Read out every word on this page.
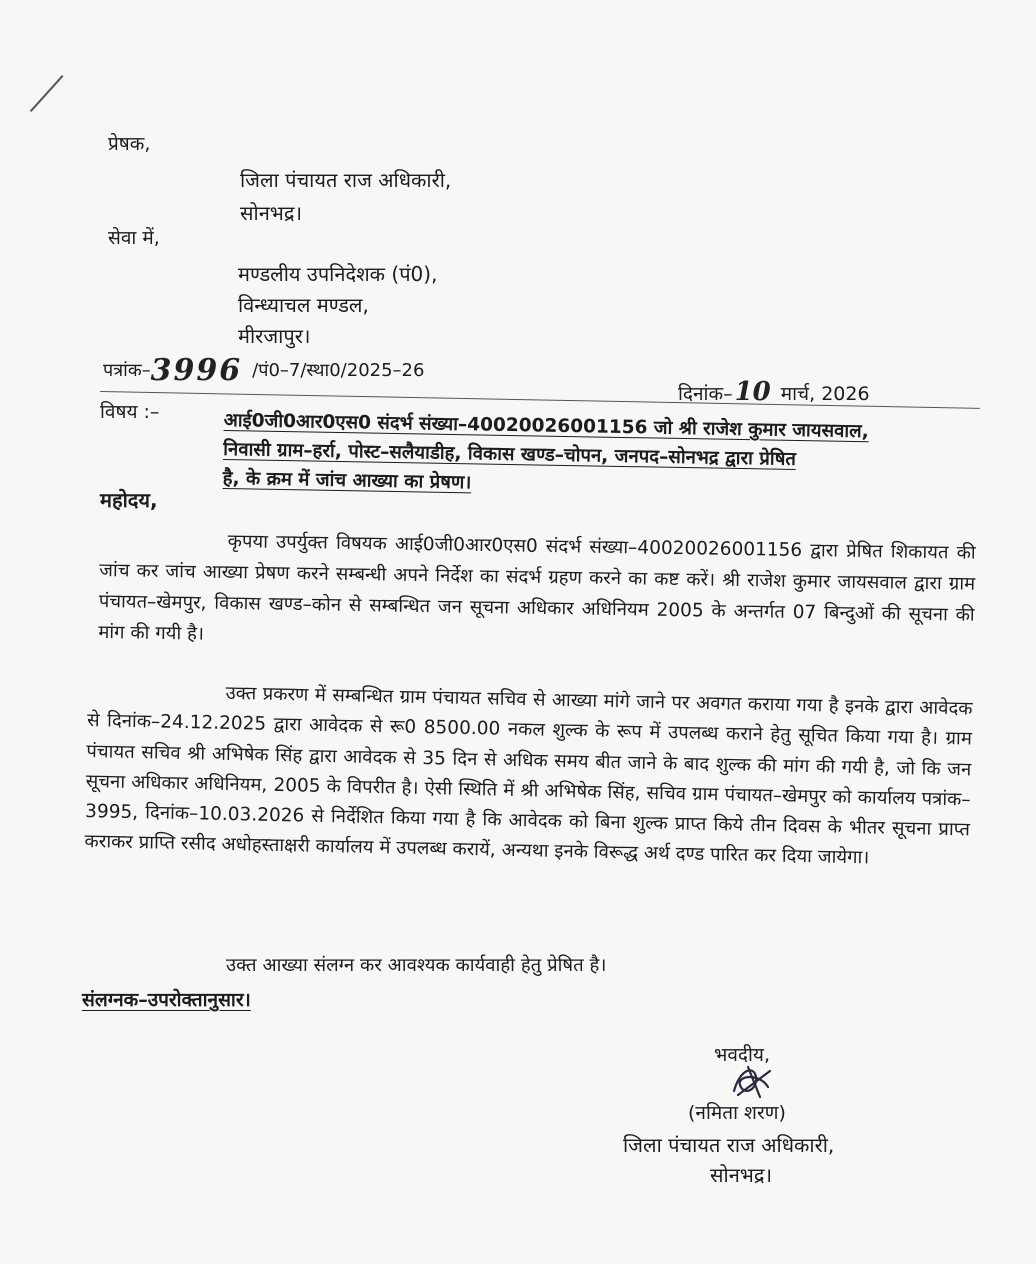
प्रेषक,
जिला पंचायत राज अधिकारी,
सोनभद्र।
सेवा में,
मण्डलीय उपनिदेशक (पं0),
विन्ध्याचल मण्डल,
मीरजापुर।
पत्रांक–3996 /पं0–7/स्था0/2025–26
दिनांक–10 मार्च, 2026
विषय :–	आई0जी0आर0एस0 संदर्भ संख्या–40020026001156 जो श्री राजेश कुमार जायसवाल,
निवासी ग्राम–हर्रा, पोस्ट–सलैयाडीह, विकास खण्ड–चोपन, जनपद–सोनभद्र द्वारा प्रेषित
है, के क्रम में जांच आख्या का प्रेषण।
महोदय,
कृपया उपर्युक्त विषयक आई0जी0आर0एस0 संदर्भ संख्या–40020026001156 द्वारा प्रेषित शिकायत की जांच कर जांच आख्या प्रेषण करने सम्बन्धी अपने निर्देश का संदर्भ ग्रहण करने का कष्ट करें। श्री राजेश कुमार जायसवाल द्वारा ग्राम पंचायत–खेमपुर, विकास खण्ड–कोन से सम्बन्धित जन सूचना अधिकार अधिनियम 2005 के अन्तर्गत 07 बिन्दुओं की सूचना की मांग की गयी है।
उक्त प्रकरण में सम्बन्धित ग्राम पंचायत सचिव से आख्या मांगे जाने पर अवगत कराया गया है इनके द्वारा आवेदक से दिनांक–24.12.2025 द्वारा आवेदक से रू0 8500.00 नकल शुल्क के रूप में उपलब्ध कराने हेतु सूचित किया गया है। ग्राम पंचायत सचिव श्री अभिषेक सिंह द्वारा आवेदक से 35 दिन से अधिक समय बीत जाने के बाद शुल्क की मांग की गयी है, जो कि जन सूचना अधिकार अधिनियम, 2005 के विपरीत है। ऐसी स्थिति में श्री अभिषेक सिंह, सचिव ग्राम पंचायत–खेमपुर को कार्यालय पत्रांक–3995, दिनांक–10.03.2026 से निर्देशित किया गया है कि आवेदक को बिना शुल्क प्राप्त किये तीन दिवस के भीतर सूचना प्राप्त कराकर प्राप्ति रसीद अधोहस्ताक्षरी कार्यालय में उपलब्ध करायें, अन्यथा इनके विरूद्ध अर्थ दण्ड पारित कर दिया जायेगा।
उक्त आख्या संलग्न कर आवश्यक कार्यवाही हेतु प्रेषित है।
संलग्नक–उपरोक्तानुसार।
भवदीय,
(नमिता शरण)
जिला पंचायत राज अधिकारी,
सोनभद्र।
